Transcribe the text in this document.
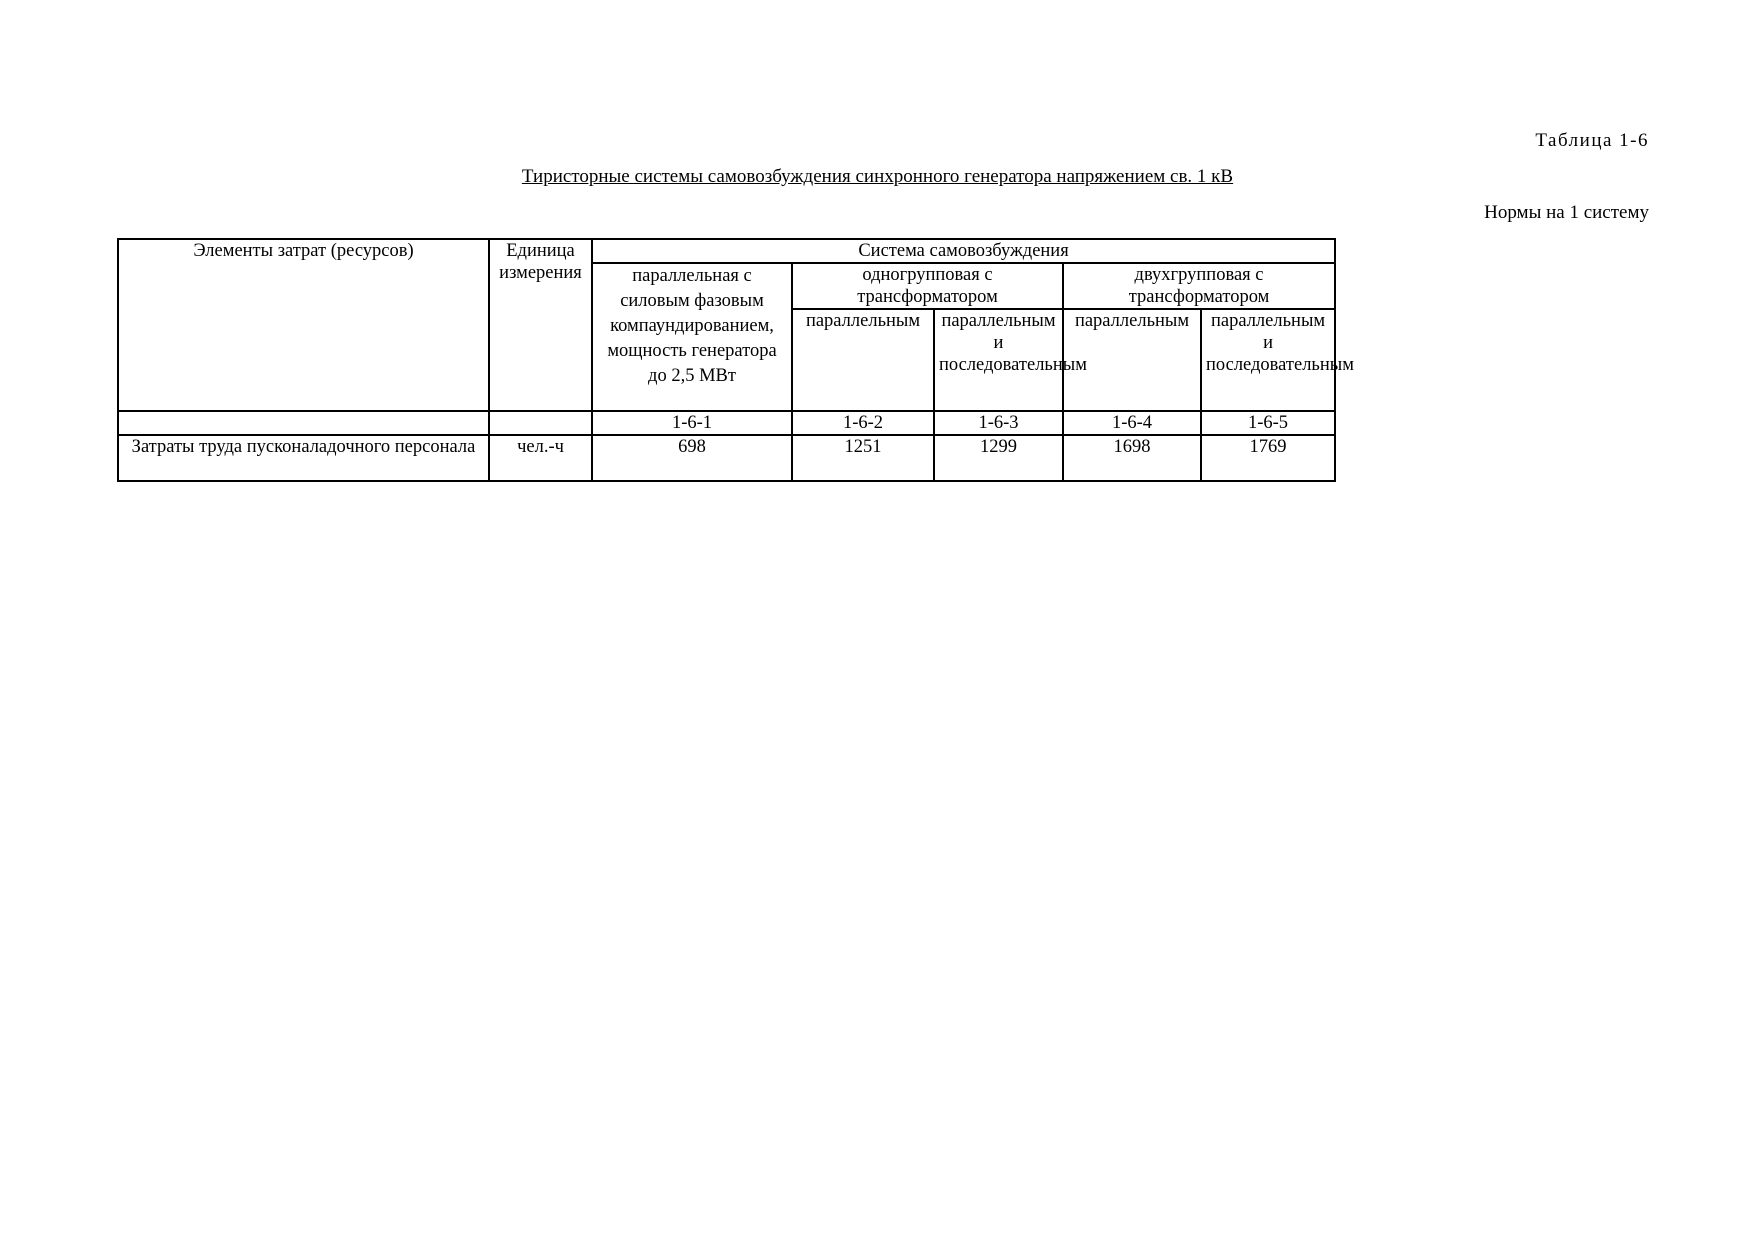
Таблица 1-6
Тиристорные системы самовозбуждения синхронного генератора напряжением св. 1 кВ
Нормы на 1 систему
Элементы затрат (ресурсов)	Единица измерения	Система самовозбуждения				
		параллельная с силовым фазовым компаундированием, мощность генератора до 2,5 МВт	одногрупповая с трансформатором		двухгрупповая с трансформатором	
			параллельным	параллельным и последовательным	параллельным	параллельным и последовательным
		1-6-1	1-6-2	1-6-3	1-6-4	1-6-5
Затраты труда пусконаладочного персонала	чел.-ч	698	1251	1299	1698	1769
